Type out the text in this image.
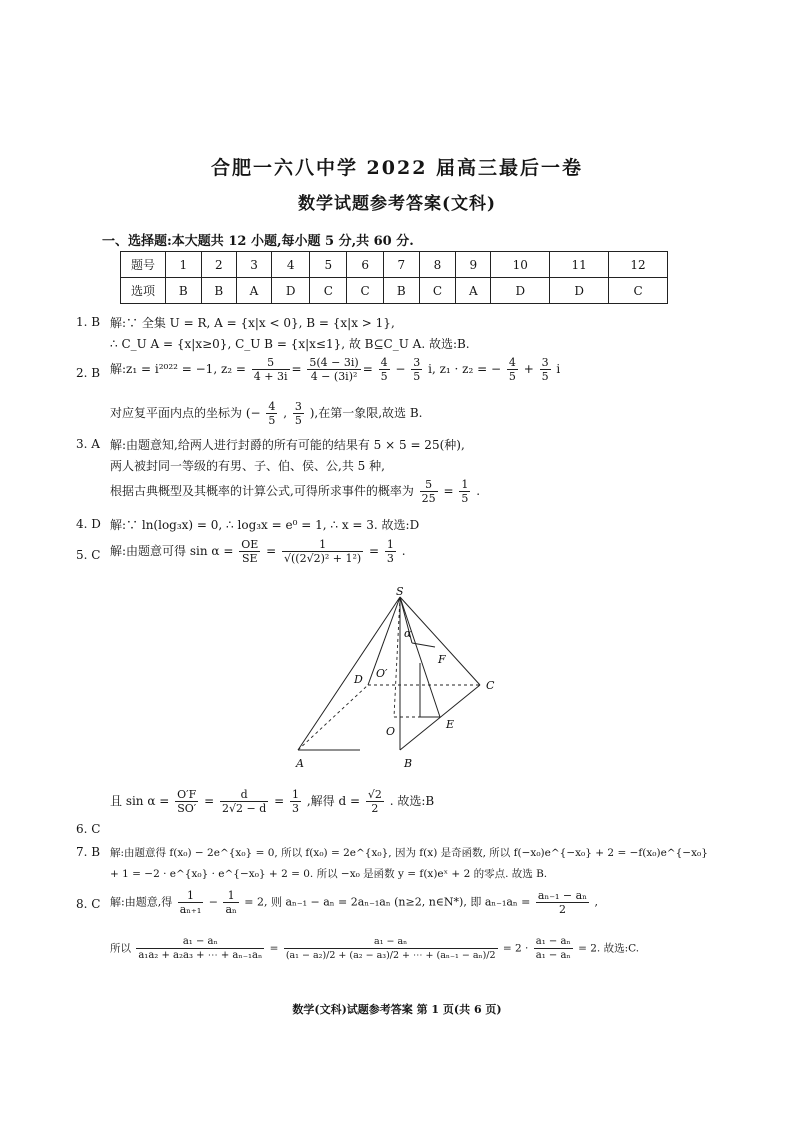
合肥一六八中学 2022 届高三最后一卷
数学试题参考答案(文科)
一、选择题:本大题共 12 小题,每小题 5 分,共 60 分.
题号	1	2	3	4	5	6	7	8	9	10	11	12
选项	B	B	A	D	C	C	B	C	A	D	D	C
1. B 解:∵ 全集 U = R, A = {x|x < 0}, B = {x|x > 1},
∴ C_U A = {x|x≥0}, C_U B = {x|x≤1}, 故 B⊆C_U A. 故选:B.
2. B 解:z₁ = i²⁰²² = −1, $z_2 = \frac{5}{4 + 3i} = \frac{5(4 - 3i)}{\text{4 − (3i)²}} = \frac{4}{5} - \frac{3}{5} i$, z₁ · z₂ = − $\frac{4}{5} + \frac{3}{5}$ i
对应复平面内点的坐标为 (− $\frac{4}{5}$ , $\frac{3}{5}$ ),在第一象限,故选 B.
3. A 解:由题意知,给两人进行封爵的所有可能的结果有 5 × 5 = 25(种),
两人被封同一等级的有男、子、伯、侯、公,共 5 种,
根据古典概型及其概率的计算公式,可得所求事件的概率为 $\frac{5}{25} = \frac{1}{5}$ .
4. D 解:∵ ln(log₃x) = 0, ∴ log₃x = e⁰ = 1, ∴ x = 3. 故选:D
5. C 解:由题意可得 $\sin \alpha = \frac{OE}{SE} = \frac{1}{\text{√((2√2)² + 1²)}} = \frac{1}{3}$ .
S
A	B
C
D
E
F
O
O′
α
且 $\sin \alpha = \frac{O'F}{SO'} = \frac{d}{2√2 - d} = \frac{1}{3}$ ,解得 $d = \frac{√2}{2}$ . 故选:B
6. C
7. B 解:由题意得 f(x₀) − 2e^{x₀} = 0, 所以 f(x₀) = 2e^{x₀}, 因为 f(x) 是奇函数, 所以 f(−x₀)e^{−x₀} + 2 = −f(x₀)e^{−x₀}
+ 1 = −2 · e^{x₀} · e^{−x₀} + 2 = 0. 所以 −x₀ 是函数 y = f(x)eˣ + 2 的零点. 故选 B.
8. C 解:由题意,得 $\frac{1}{\text{aₙ₊₁}} - \frac{1}{\text{aₙ}} = 2$, 则 aₙ₋₁ − aₙ = 2aₙ₋₁aₙ (n≥2, n∈N*), 即 $a_{n-1}a_n = \frac{\text{aₙ₋₁ − aₙ}}{2}$ ,
所以 $\frac{\text{a₁ − aₙ}}{\text{a₁a₂ + a₂a₃ + ⋯ + aₙ₋₁aₙ}} = \frac{\text{a₁ − aₙ}}{\text{(a₁ − a₂)/2 + (a₂ − a₃)/2 + ⋯ + (aₙ₋₁ − aₙ)/2}} = 2 \cdot \frac{\text{a₁ − aₙ}}{\text{a₁ − aₙ}} = 2$. 故选:C.
数学(文科)试题参考答案 第 1 页(共 6 页)
